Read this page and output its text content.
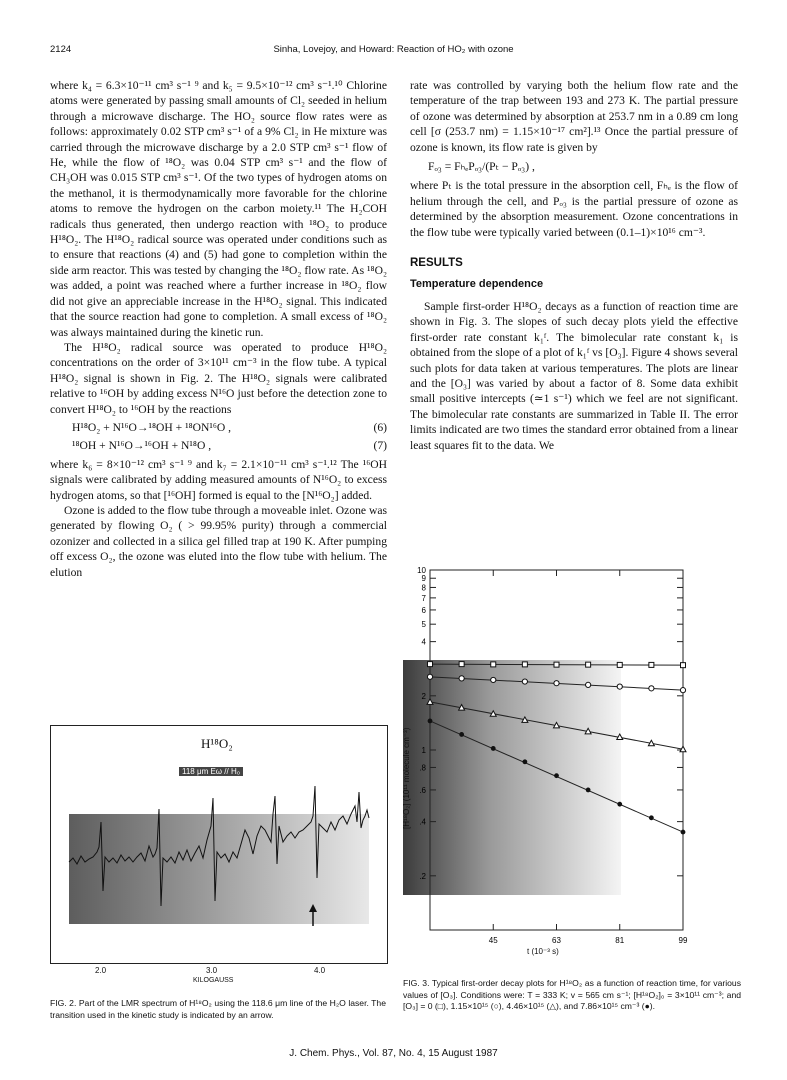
2124	Sinha, Lovejoy, and Howard: Reaction of HO₂ with ozone

where k₄ = 6.3×10⁻¹¹ cm³ s⁻¹ ⁹ and k₅ = 9.5×10⁻¹² cm³ s⁻¹.¹⁰ Chlorine atoms were generated by passing small amounts of Cl₂ seeded in helium through a microwave discharge. The HO₂ source flow rates were as follows: approximately 0.02 STP cm³ s⁻¹ of a 9% Cl₂ in He mixture was carried through the microwave discharge by a 2.0 STP cm³ s⁻¹ flow of He, while the flow of ¹⁸O₂ was 0.04 STP cm³ s⁻¹ and the flow of CH₃OH was 0.015 STP cm³ s⁻¹. Of the two types of hydrogen atoms on the methanol, it is thermodynamically more favorable for the chlorine atoms to remove the hydrogen on the carbon moiety.¹¹ The H₂COH radicals thus generated, then undergo reaction with ¹⁸O₂ to produce H¹⁸O₂. The H¹⁸O₂ radical source was operated under conditions such as to ensure that reactions (4) and (5) had gone to completion within the side arm reactor. This was tested by changing the ¹⁸O₂ flow rate. As ¹⁸O₂ was added, a point was reached where a further increase in ¹⁸O₂ flow did not give an appreciable increase in the H¹⁸O₂ signal. This indicated that the source reaction had gone to completion. A small excess of ¹⁸O₂ was always maintained during the kinetic run.

The H¹⁸O₂ radical source was operated to produce H¹⁸O₂ concentrations on the order of 3×10¹¹ cm⁻³ in the flow tube. A typical H¹⁸O₂ signal is shown in Fig. 2. The H¹⁸O₂ signals were calibrated relative to ¹⁶OH by adding excess N¹⁶O just before the detection zone to convert H¹⁸O₂ to ¹⁶OH by the reactions

H¹⁸O₂ + N¹⁶O→¹⁸OH + ¹⁸ON¹⁶O ,	(6)
¹⁸OH + N¹⁶O→¹⁶OH + N¹⁸O ,	(7)

where k₆ = 8×10⁻¹² cm³ s⁻¹ ⁹ and k₇ = 2.1×10⁻¹¹ cm³ s⁻¹.¹² The ¹⁶OH signals were calibrated by adding measured amounts of N¹⁶O₂ to excess hydrogen atoms, so that [¹⁶OH] formed is equal to the [N¹⁶O₂] added.

Ozone is added to the flow tube through a moveable inlet. Ozone was generated by flowing O₂ ( > 99.95% purity) through a commercial ozonizer and collected in a silica gel filled trap at 190 K. After pumping off excess O₂, the ozone was eluted into the flow tube with helium. The elution

rate was controlled by varying both the helium flow rate and the temperature of the trap between 193 and 273 K. The partial pressure of ozone was determined by absorption at 253.7 nm in a 0.89 cm long cell [σ (253.7 nm) = 1.15×10⁻¹⁷ cm²].¹³ Once the partial pressure of ozone is known, its flow rate is given by

Fₒ₃ = FₕₑPₒ₃/(Pₜ − Pₒ₃) ,

where Pₜ is the total pressure in the absorption cell, Fₕₑ is the flow of helium through the cell, and Pₒ₃ is the partial pressure of ozone as determined by the absorption measurement. Ozone concentrations in the flow tube were typically varied between (0.1–1)×10¹⁶ cm⁻³.

RESULTS
Temperature dependence

Sample first-order H¹⁸O₂ decays as a function of reaction time are shown in Fig. 3. The slopes of such decay plots yield the effective first-order rate constant k₁ᶠ. The bimolecular rate constant k₁ is obtained from the slope of a plot of k₁ᶠ vs [O₃]. Figure 4 shows several such plots for data taken at various temperatures. The plots are linear and the [O₃] was varied by about a factor of 8. Some data exhibit small positive intercepts (≃1 s⁻¹) which we feel are not significant. The bimolecular rate constants are summarized in Table II. The error limits indicated are two times the standard error obtained from a linear least squares fit to the data. We

H¹⁸O₂
118 μm Eω // H₀
2.0	3.0	4.0
KILOGAUSS
FIG. 2. Part of the LMR spectrum of H¹⁸O₂ using the 118.6 μm line of the H₂O laser. The transition used in the kinetic study is indicated by an arrow.
.2
.4
.6
.8
1
2
4
5
6
7
8
9
10
45	63	81	99
[H¹⁸O₂] (10¹¹ molecule cm⁻³)
t (10⁻³ s)
FIG. 3. Typical first-order decay plots for H¹⁸O₂ as a function of reaction time, for various values of [O₃]. Conditions were: T = 333 K; v = 565 cm s⁻¹; [H¹⁸O₂]₀ = 3×10¹¹ cm⁻³; and [O₃] = 0 (□), 1.15×10¹⁵ (○), 4.46×10¹⁵ (△), and 7.86×10¹⁵ cm⁻³ (●).
J. Chem. Phys., Vol. 87, No. 4, 15 August 1987
